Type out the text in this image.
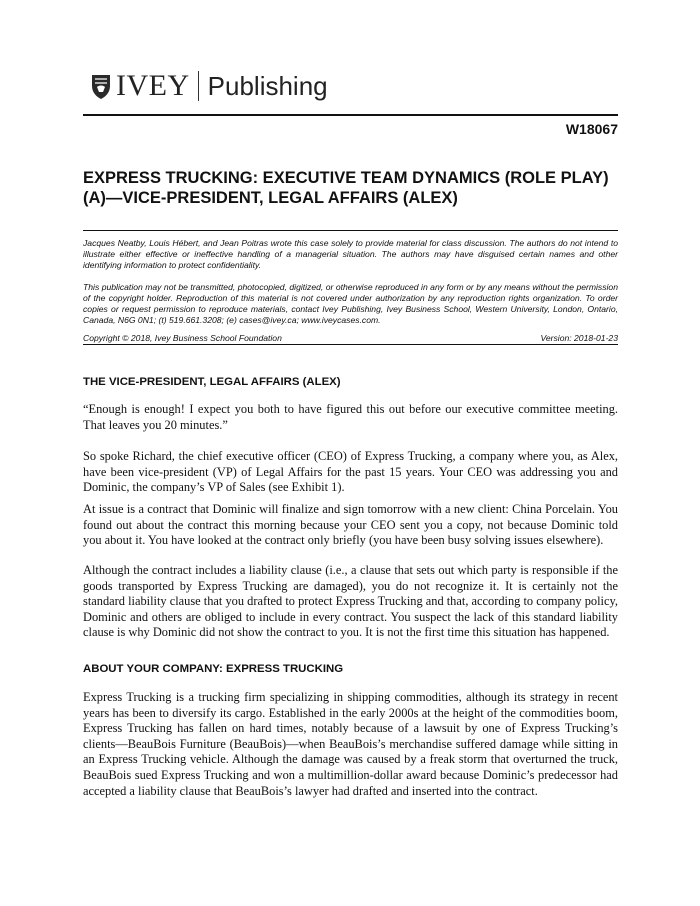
IVEY Publishing
W18067
EXPRESS TRUCKING: EXECUTIVE TEAM DYNAMICS (ROLE PLAY) (A)—VICE-PRESIDENT, LEGAL AFFAIRS (ALEX)

Jacques Neatby, Louis Hébert, and Jean Poitras wrote this case solely to provide material for class discussion. The authors do not intend to illustrate either effective or ineffective handling of a managerial situation. The authors may have disguised certain names and other identifying information to protect confidentiality.

This publication may not be transmitted, photocopied, digitized, or otherwise reproduced in any form or by any means without the permission of the copyright holder. Reproduction of this material is not covered under authorization by any reproduction rights organization. To order copies or request permission to reproduce materials, contact Ivey Publishing, Ivey Business School, Western University, London, Ontario, Canada, N6G 0N1; (t) 519.661.3208; (e) cases@ivey.ca; www.iveycases.com.

Copyright © 2018, Ivey Business School Foundation	Version: 2018-01-23
THE VICE-PRESIDENT, LEGAL AFFAIRS (ALEX)

“Enough is enough! I expect you both to have figured this out before our executive committee meeting. That leaves you 20 minutes.”

So spoke Richard, the chief executive officer (CEO) of Express Trucking, a company where you, as Alex, have been vice-president (VP) of Legal Affairs for the past 15 years. Your CEO was addressing you and Dominic, the company’s VP of Sales (see Exhibit 1).

At issue is a contract that Dominic will finalize and sign tomorrow with a new client: China Porcelain. You found out about the contract this morning because your CEO sent you a copy, not because Dominic told you about it. You have looked at the contract only briefly (you have been busy solving issues elsewhere).

Although the contract includes a liability clause (i.e., a clause that sets out which party is responsible if the goods transported by Express Trucking are damaged), you do not recognize it. It is certainly not the standard liability clause that you drafted to protect Express Trucking and that, according to company policy, Dominic and others are obliged to include in every contract. You suspect the lack of this standard liability clause is why Dominic did not show the contract to you. It is not the first time this situation has happened.

ABOUT YOUR COMPANY: EXPRESS TRUCKING

Express Trucking is a trucking firm specializing in shipping commodities, although its strategy in recent years has been to diversify its cargo. Established in the early 2000s at the height of the commodities boom, Express Trucking has fallen on hard times, notably because of a lawsuit by one of Express Trucking’s clients—BeauBois Furniture (BeauBois)—when BeauBois’s merchandise suffered damage while sitting in an Express Trucking vehicle. Although the damage was caused by a freak storm that overturned the truck, BeauBois sued Express Trucking and won a multimillion-dollar award because Dominic’s predecessor had accepted a liability clause that BeauBois’s lawyer had drafted and inserted into the contract.
